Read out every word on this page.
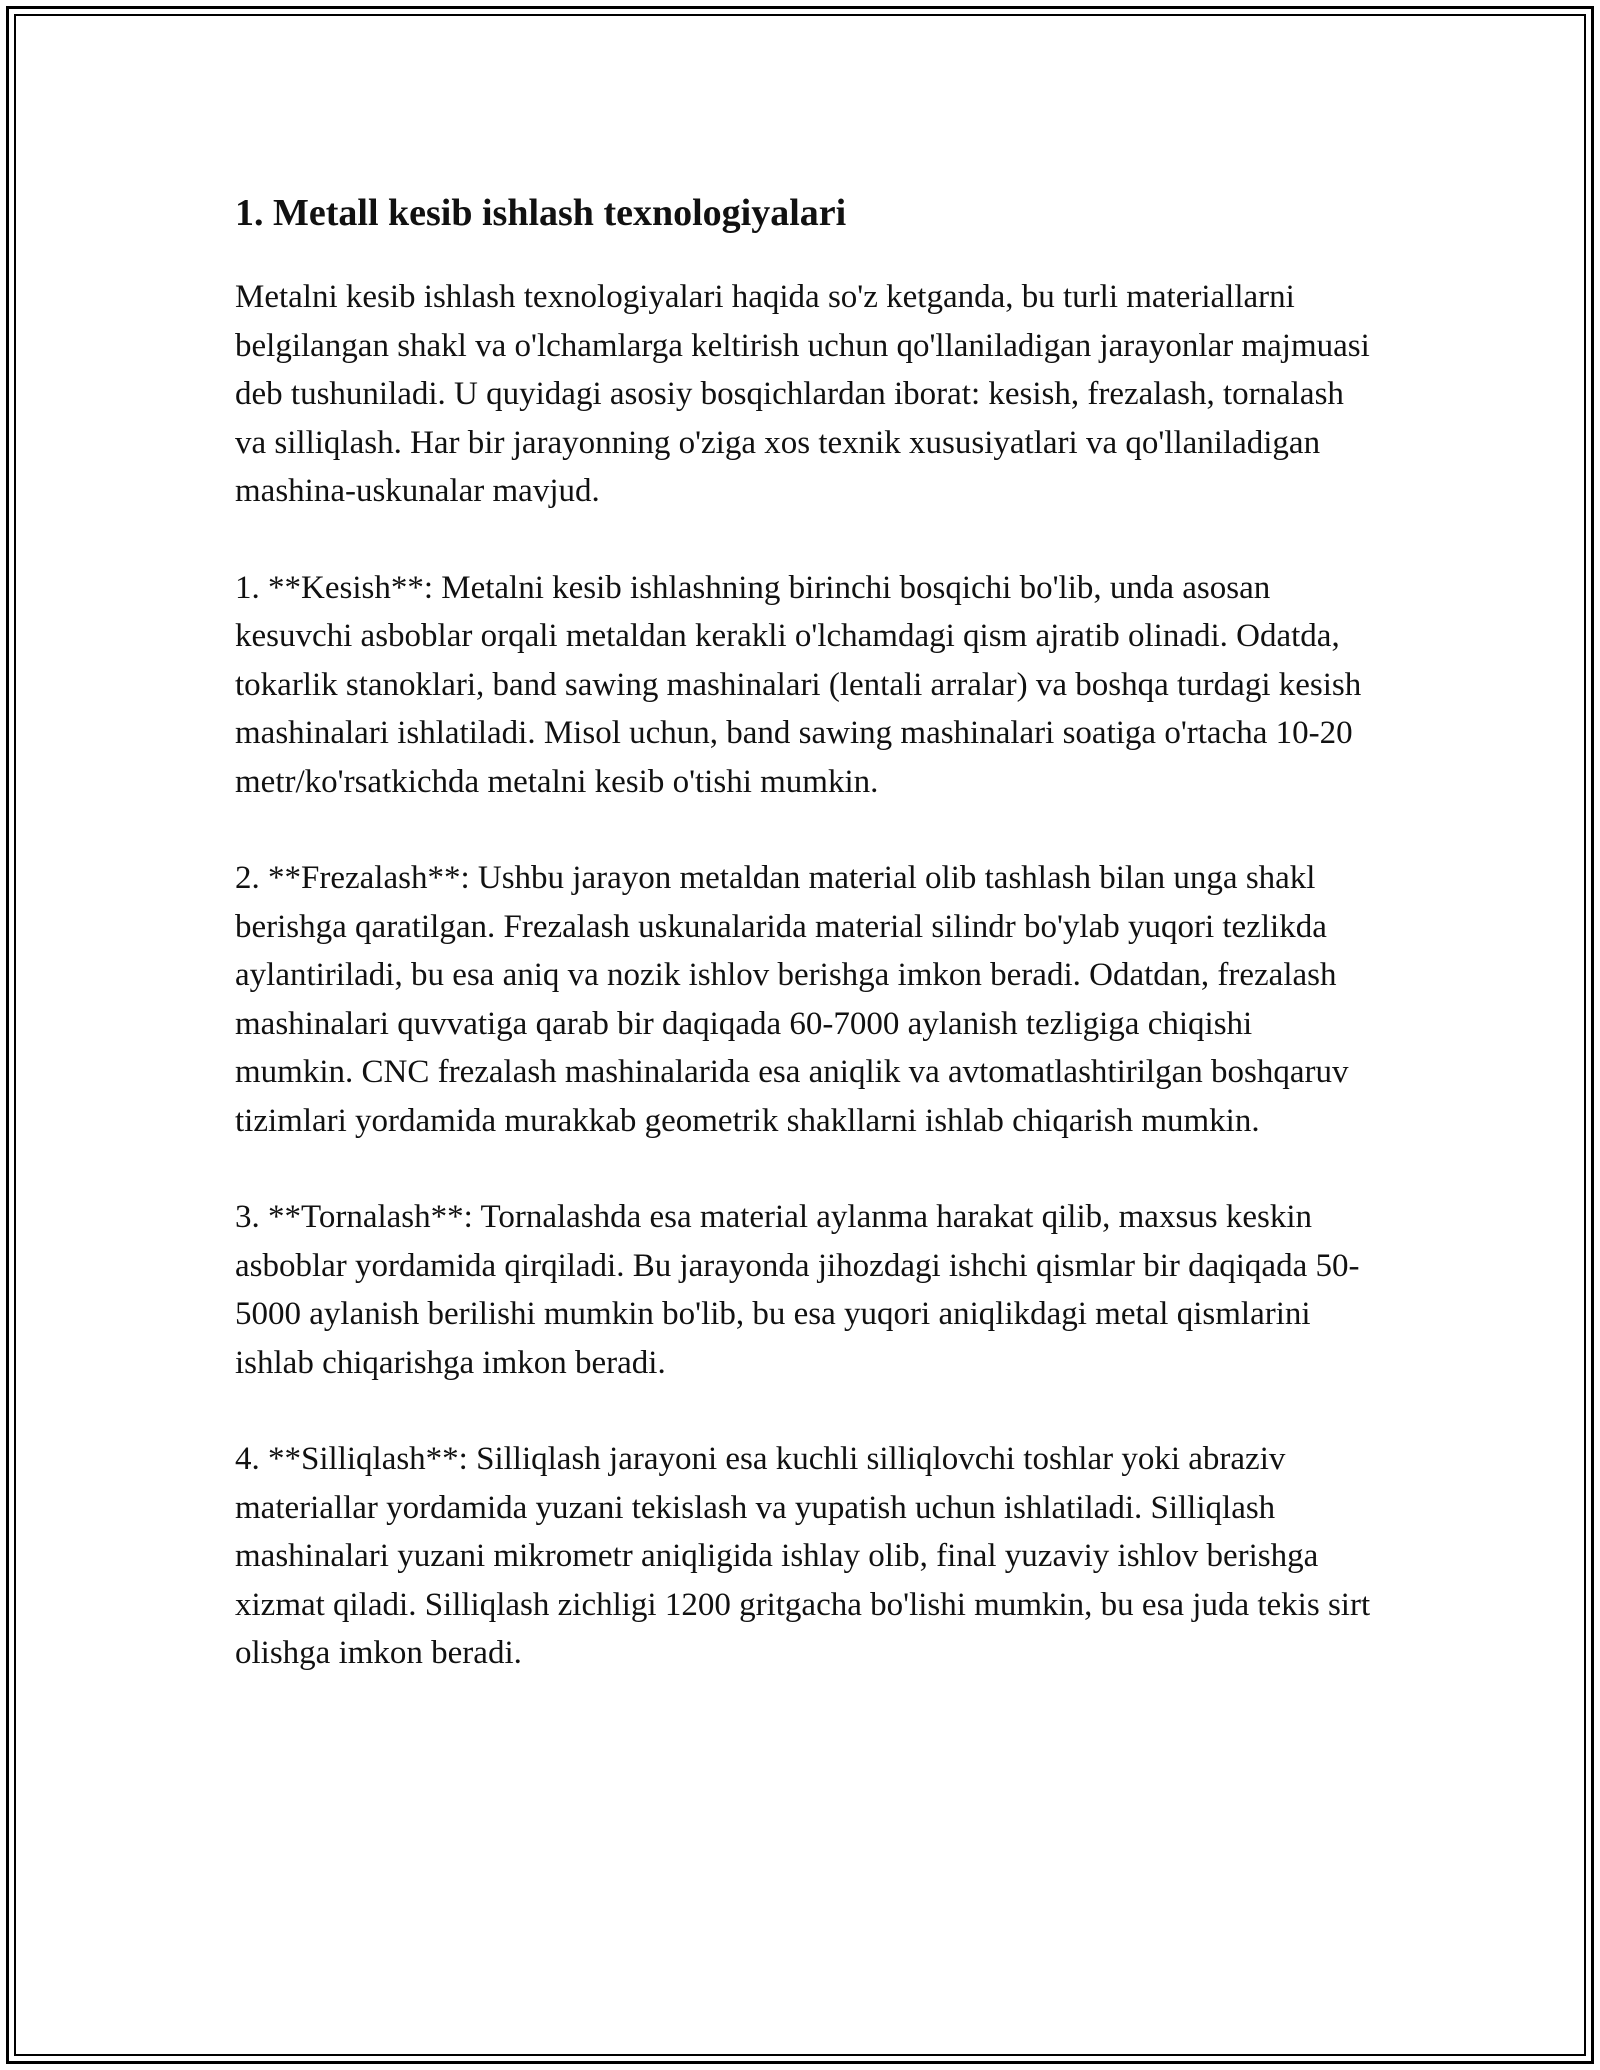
1. Metall kesib ishlash texnologiyalari

Metalni kesib ishlash texnologiyalari haqida so'z ketganda, bu turli materiallarni belgilangan shakl va o'lchamlarga keltirish uchun qo'llaniladigan jarayonlar majmuasi deb tushuniladi. U quyidagi asosiy bosqichlardan iborat: kesish, frezalash, tornalash va silliqlash. Har bir jarayonning o'ziga xos texnik xususiyatlari va qo'llaniladigan mashina-uskunalar mavjud.

1. **Kesish**: Metalni kesib ishlashning birinchi bosqichi bo'lib, unda asosan kesuvchi asboblar orqali metaldan kerakli o'lchamdagi qism ajratib olinadi. Odatda, tokarlik stanoklari, band sawing mashinalari (lentali arralar) va boshqa turdagi kesish mashinalari ishlatiladi. Misol uchun, band sawing mashinalari soatiga o'rtacha 10-20 metr/ko'rsatkichda metalni kesib o'tishi mumkin.

2. **Frezalash**: Ushbu jarayon metaldan material olib tashlash bilan unga shakl berishga qaratilgan. Frezalash uskunalarida material silindr bo'ylab yuqori tezlikda aylantiriladi, bu esa aniq va nozik ishlov berishga imkon beradi. Odatdan, frezalash mashinalari quvvatiga qarab bir daqiqada 60-7000 aylanish tezligiga chiqishi mumkin. CNC frezalash mashinalarida esa aniqlik va avtomatlashtirilgan boshqaruv tizimlari yordamida murakkab geometrik shakllarni ishlab chiqarish mumkin.

3. **Tornalash**: Tornalashda esa material aylanma harakat qilib, maxsus keskin asboblar yordamida qirqiladi. Bu jarayonda jihozdagi ishchi qismlar bir daqiqada 50-5000 aylanish berilishi mumkin bo'lib, bu esa yuqori aniqlikdagi metal qismlarini ishlab chiqarishga imkon beradi.

4. **Silliqlash**: Silliqlash jarayoni esa kuchli silliqlovchi toshlar yoki abraziv materiallar yordamida yuzani tekislash va yupatish uchun ishlatiladi. Silliqlash mashinalari yuzani mikrometr aniqligida ishlay olib, final yuzaviy ishlov berishga xizmat qiladi. Silliqlash zichligi 1200 gritgacha bo'lishi mumkin, bu esa juda tekis sirt olishga imkon beradi.
